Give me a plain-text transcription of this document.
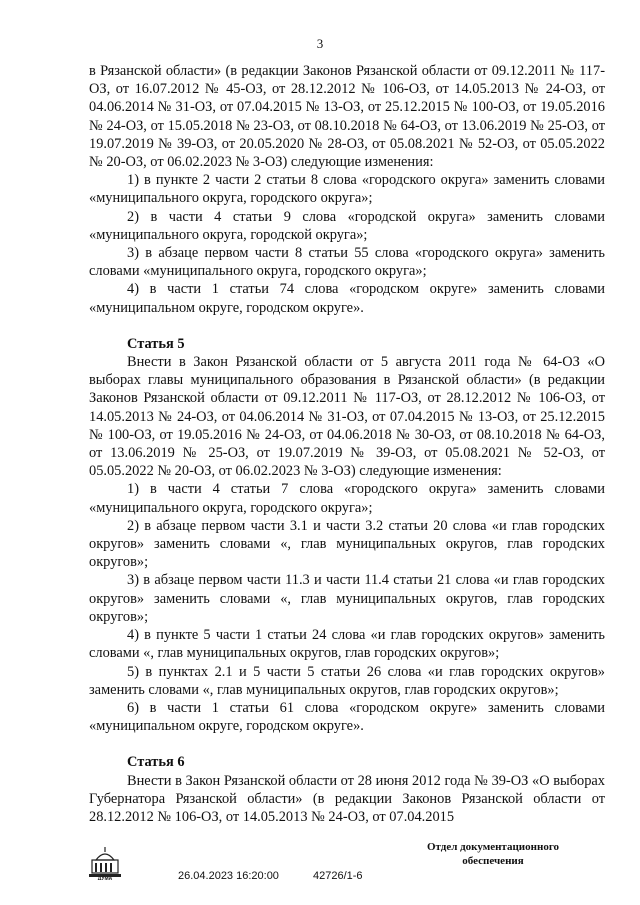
3

в Рязанской области» (в редакции Законов Рязанской области от 09.12.2011 № 117-ОЗ, от 16.07.2012 № 45-ОЗ, от 28.12.2012 № 106-ОЗ, от 14.05.2013 № 24-ОЗ, от 04.06.2014 № 31-ОЗ, от 07.04.2015 № 13-ОЗ, от 25.12.2015 № 100-ОЗ, от 19.05.2016 № 24-ОЗ, от 15.05.2018 № 23-ОЗ, от 08.10.2018 № 64-ОЗ, от 13.06.2019 № 25-ОЗ, от 19.07.2019 № 39-ОЗ, от 20.05.2020 № 28-ОЗ, от 05.08.2021 № 52-ОЗ, от 05.05.2022 № 20-ОЗ, от 06.02.2023 № 3-ОЗ) следующие изменения:

1) в пункте 2 части 2 статьи 8 слова «городского округа» заменить словами «муниципального округа, городского округа»;

2) в части 4 статьи 9 слова «городской округа» заменить словами «муниципального округа, городской округа»;

3) в абзаце первом части 8 статьи 55 слова «городского округа» заменить словами «муниципального округа, городского округа»;

4) в части 1 статьи 74 слова «городском округе» заменить словами «муниципальном округе, городском округе».

Статья 5

Внести в Закон Рязанской области от 5 августа 2011 года № 64-ОЗ «О выборах главы муниципального образования в Рязанской области» (в редакции Законов Рязанской области от 09.12.2011 № 117-ОЗ, от 28.12.2012 № 106-ОЗ, от 14.05.2013 № 24-ОЗ, от 04.06.2014 № 31-ОЗ, от 07.04.2015 № 13-ОЗ, от 25.12.2015 № 100-ОЗ, от 19.05.2016 № 24-ОЗ, от 04.06.2018 № 30-ОЗ, от 08.10.2018 № 64-ОЗ, от 13.06.2019 № 25-ОЗ, от 19.07.2019 № 39-ОЗ, от 05.08.2021 № 52-ОЗ, от 05.05.2022 № 20-ОЗ, от 06.02.2023 № 3-ОЗ) следующие изменения:

1) в части 4 статьи 7 слова «городского округа» заменить словами «муниципального округа, городского округа»;

2) в абзаце первом части 3.1 и части 3.2 статьи 20 слова «и глав городских округов» заменить словами «, глав муниципальных округов, глав городских округов»;

3) в абзаце первом части 11.3 и части 11.4 статьи 21 слова «и глав городских округов» заменить словами «, глав муниципальных округов, глав городских округов»;

4) в пункте 5 части 1 статьи 24 слова «и глав городских округов» заменить словами «, глав муниципальных округов, глав городских округов»;

5) в пунктах 2.1 и 5 части 5 статьи 26 слова «и глав городских округов» заменить словами «, глав муниципальных округов, глав городских округов»;

6) в части 1 статьи 61 слова «городском округе» заменить словами «муниципальном округе, городском округе».

Статья 6

Внести в Закон Рязанской области от 28 июня 2012 года № 39-ОЗ «О выборах Губернатора Рязанской области» (в редакции Законов Рязанской области от 28.12.2012 № 106-ОЗ, от 14.05.2013 № 24-ОЗ, от 07.04.2015

ДУМА	26.04.2023 16:20:00	42726/1-6
Отдел документационного
обеспечения
